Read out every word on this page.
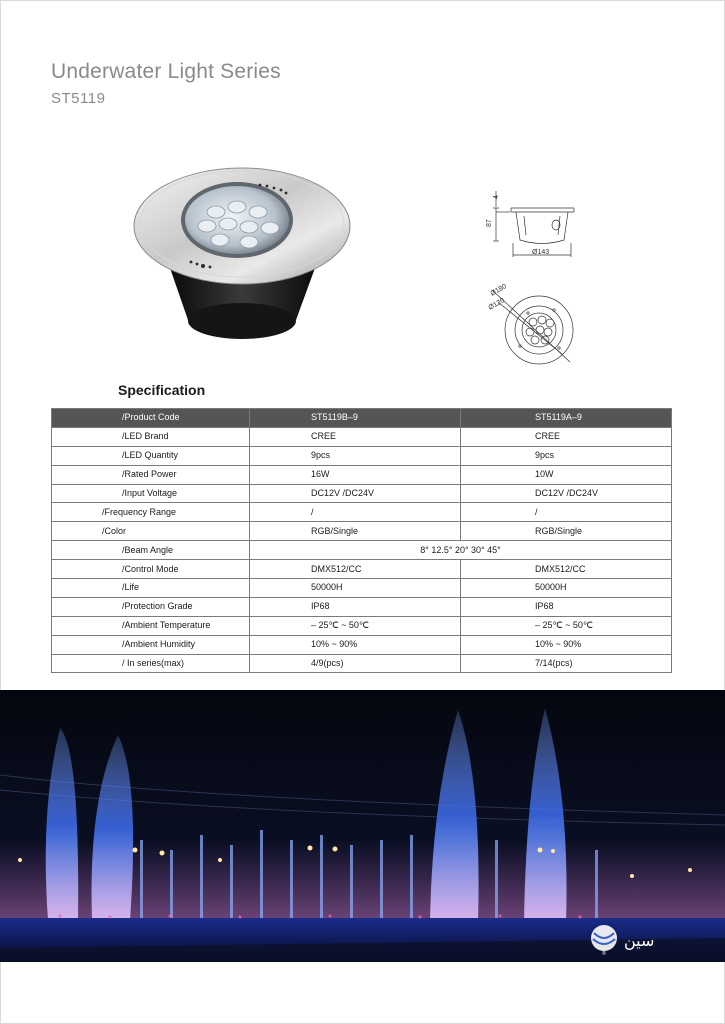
Underwater Light Series
ST5119
87
4
Ø143
Ø180
Ø120
Specification
/Product Code	ST5119B–9	ST5119A–9
/LED Brand	CREE	CREE
/LED Quantity	9pcs	9pcs
/Rated Power	16W	10W
/Input Voltage	DC12V /DC24V	DC12V /DC24V
/Frequency Range	/	/
/Color	RGB/Single	RGB/Single
/Beam Angle	8° 12.5° 20° 30° 45°	
/Control Mode	DMX512/CC	DMX512/CC
/Life	50000H	50000H
/Protection Grade	IP68	IP68
/Ambient Temperature	– 25℃ ~ 50℃	– 25℃ ~ 50℃
/Ambient Humidity	10% ~ 90%	10% ~ 90%
/ In series(max)	4/9(pcs)	7/14(pcs)
®
سين
